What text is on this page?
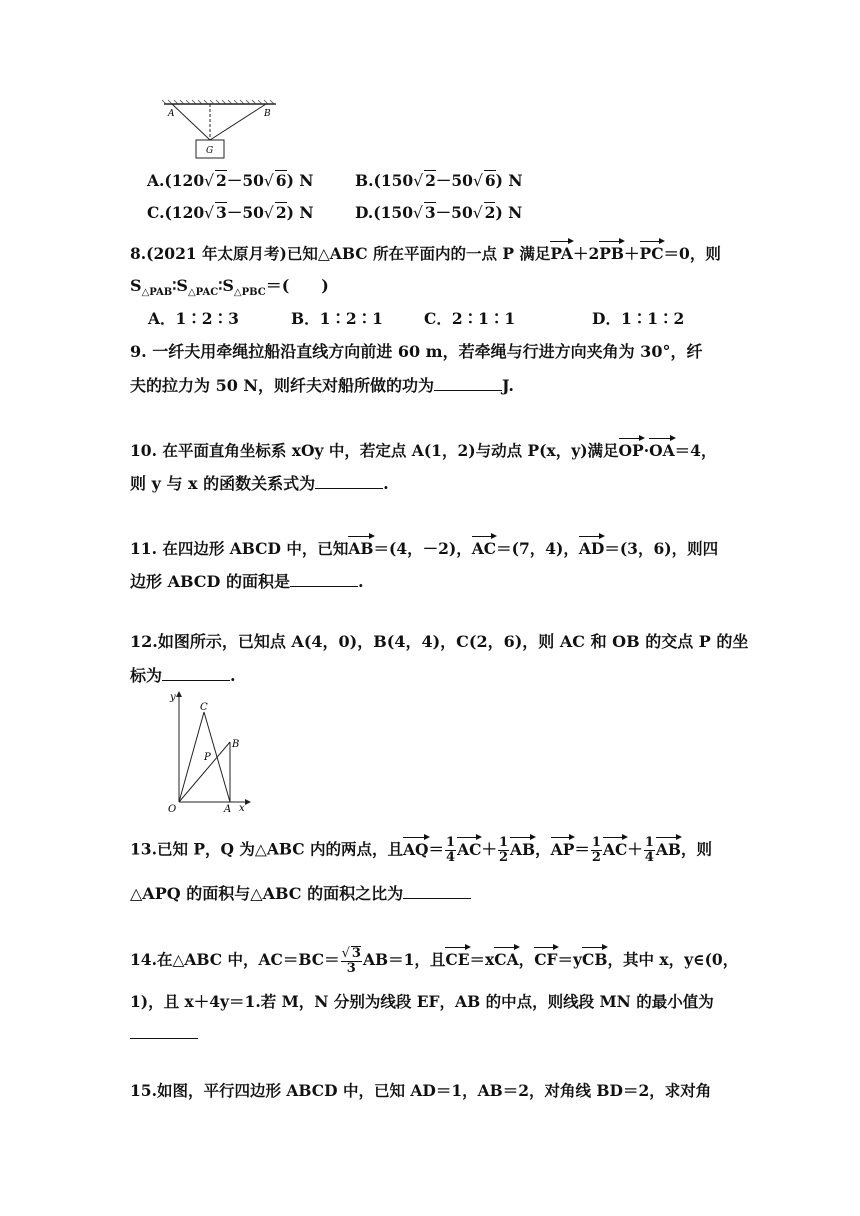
A	B
G
A.(120√ 2－50√ 6) N	B.(150√ 2－50√ 6) N
C.(120√ 3－50√ 2) N	D.(150√ 3－50√ 2) N
8.(2021 年太原月考)已知△ABC 所在平面内的一点 P 满足PA＋2PB＋PC＝0，则
$S_{\triangle PAB}∶S_{\triangle PAC}∶S_{\triangle PBC}=$(　　)
A．1∶2∶3	B．1∶2∶1	C．2∶1∶1	D．1∶1∶2
9. 一纤夫用牵绳拉船沿直线方向前进 60 m，若牵绳与行进方向夹角为 30°，纤
夫的拉力为 50 N，则纤夫对船所做的功为	J.
10. 在平面直角坐标系 xOy 中，若定点 A(1，2)与动点 P(x，y)满足OP·OA＝4，
则 y 与 x 的函数关系式为	.
11. 在四边形 ABCD 中，已知AB＝(4，－2)，AC＝(7，4)，AD＝(3，6)，则四
边形 ABCD 的面积是	.
12.如图所示，已知点 A(4，0)，B(4，4)，C(2，6)，则 AC 和 OB 的交点 P 的坐
标为	.
y
x
O	A
B
C
P
13.已知 P，Q 为△ABC 内的两点，且$AQ= \frac{1}{4} AC+ \frac{1}{2}$ AB，$AP= \frac{1}{2} AC+ \frac{1}{4}$ AB，则
△APQ 的面积与△ABC 的面积之比为
14.在△ABC 中，$AC=BC= \frac{√ 3}{3} AB=1$，且CE＝xCA，CF＝yCB，其中 x，y∈(0，
1)，且 x＋4y＝1.若 M，N 分别为线段 EF，AB 的中点，则线段 MN 的最小值为
15.如图，平行四边形 ABCD 中，已知 AD＝1，AB＝2，对角线 BD＝2，求对角
